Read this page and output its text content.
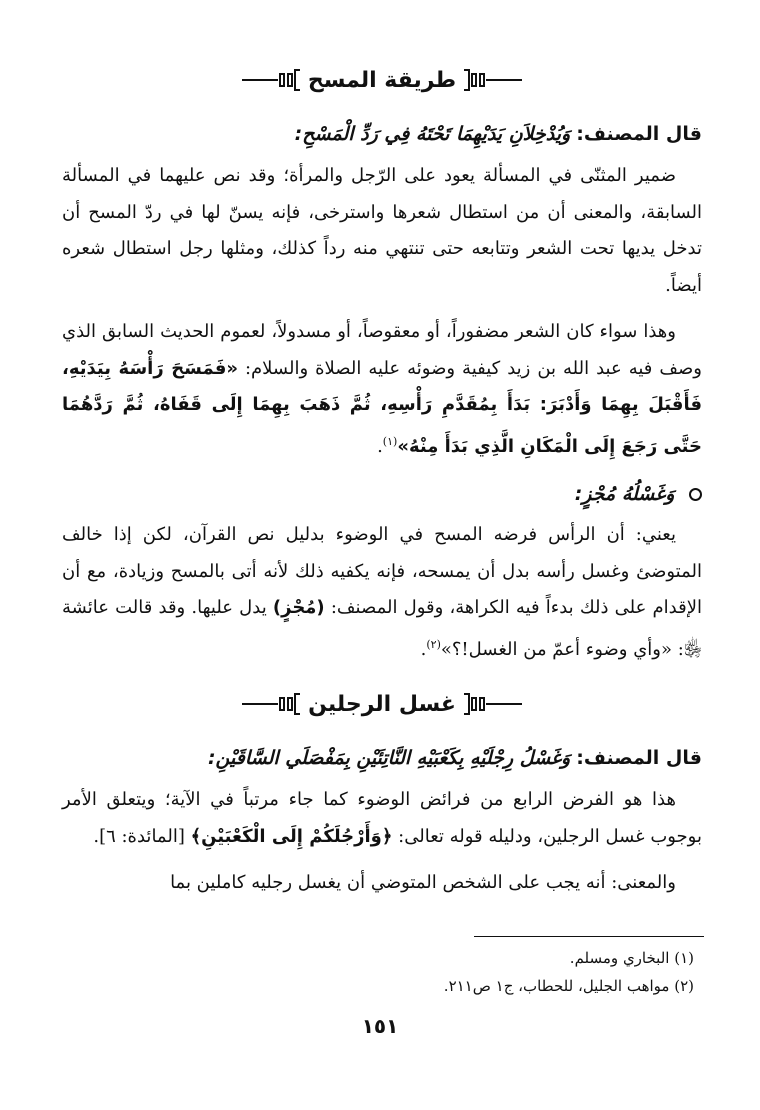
طريقة المسح
قال المصنف: وَيُدْخِلاَنِ يَدَيْهِمَا تَحْتَهُ فِي رَدِّ الْمَسْحِ:

ضمير المثنّى في المسألة يعود على الرّجل والمرأة؛ وقد نص عليهما في المسألة السابقة، والمعنى أن من استطال شعرها واسترخى، فإنه يسنّ لها في ردّ المسح أن تدخل يديها تحت الشعر وتتابعه حتى تنتهي منه رداً كذلك، ومثلها رجل استطال شعره أيضاً.

وهذا سواء كان الشعر مضفوراً، أو معقوصاً، أو مسدولاً، لعموم الحديث السابق الذي وصف فيه عبد الله بن زيد كيفية وضوئه عليه الصلاة والسلام: «فَمَسَحَ رَأْسَهُ بِيَدَيْهِ، فَأَقْبَلَ بِهِمَا وَأَدْبَرَ: بَدَأَ بِمُقَدَّمِ رَأْسِهِ، ثُمَّ ذَهَبَ بِهِمَا إِلَى قَفَاهُ، ثُمَّ رَدَّهُمَا حَتَّى رَجَعَ إِلَى الْمَكَانِ الَّذِي بَدَأَ مِنْهُ»$^{(١)}$.

وَغَسْلُهُ مُجْزٍ:

يعني: أن الرأس فرضه المسح في الوضوء بدليل نص القرآن، لكن إذا خالف المتوضئ وغسل رأسه بدل أن يمسحه، فإنه يكفيه ذلك لأنه أتى بالمسح وزيادة، مع أن الإقدام على ذلك بدءاً فيه الكراهة، وقول المصنف: (مُجْزٍ) يدل عليها. وقد قالت عائشة ﵂: «وأي وضوء أعمّ من الغسل!؟»$^{(٢)}$.

غسل الرجلين
قال المصنف: وَغَسْلُ رِجْلَيْهِ بِكَعْبَيْهِ النَّاتِئَيْنِ بِمَفْصَلَي السَّاقَيْنِ:

هذا هو الفرض الرابع من فرائض الوضوء كما جاء مرتباً في الآية؛ ويتعلق الأمر بوجوب غسل الرجلين، ودليله قوله تعالى: ﴿وَأَرْجُلَكُمْ إِلَى الْكَعْبَيْنِ﴾ [المائدة: ٦].

والمعنى: أنه يجب على الشخص المتوضي أن يغسل رجليه كاملين بما

(١) البخاري ومسلم.
(٢) مواهب الجليل، للحطاب، ج١ ص٢١١.
١٥١
